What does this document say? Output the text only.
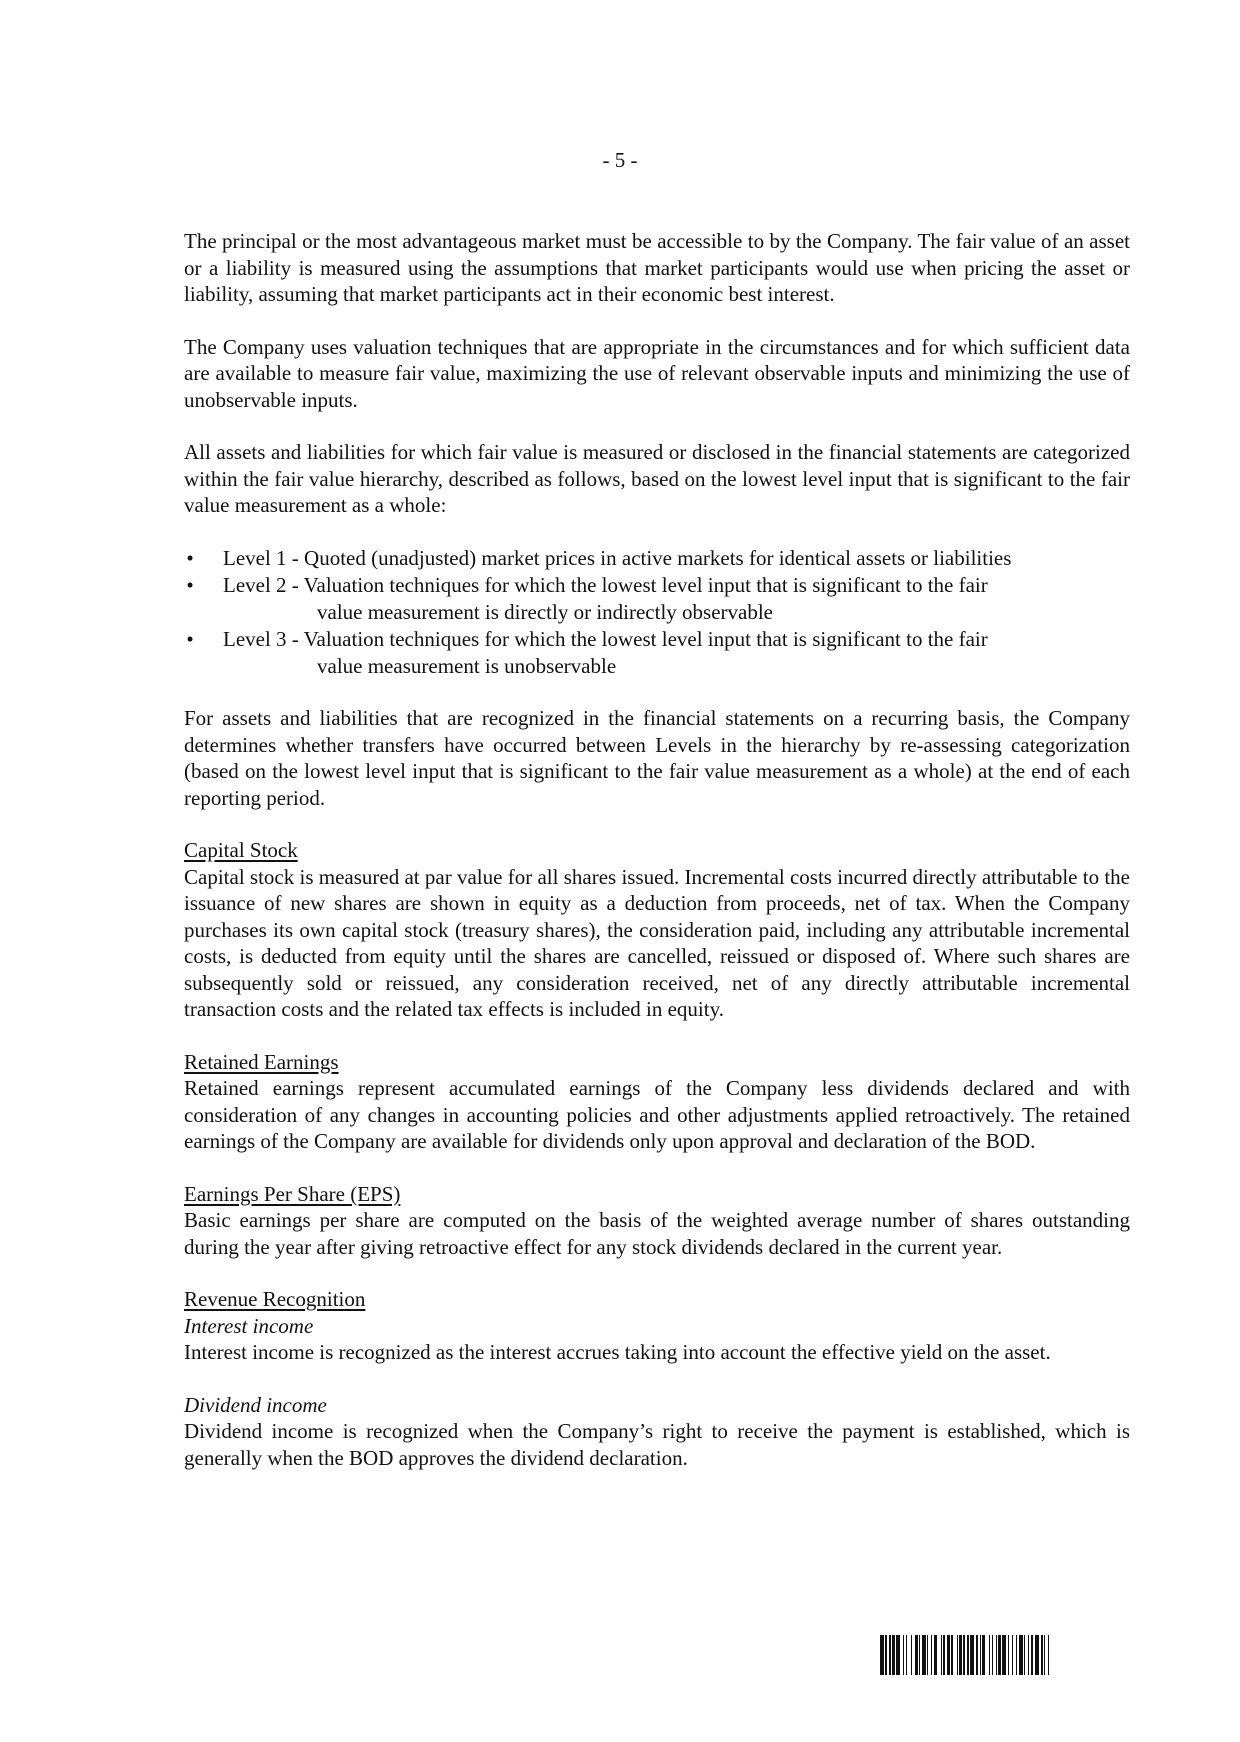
- 5 -

The principal or the most advantageous market must be accessible to by the Company. The fair value of an asset or a liability is measured using the assumptions that market participants would use when pricing the asset or liability, assuming that market participants act in their economic best interest.

The Company uses valuation techniques that are appropriate in the circumstances and for which sufficient data are available to measure fair value, maximizing the use of relevant observable inputs and minimizing the use of unobservable inputs.

All assets and liabilities for which fair value is measured or disclosed in the financial statements are categorized within the fair value hierarchy, described as follows, based on the lowest level input that is significant to the fair value measurement as a whole:

• Level 1 - Quoted (unadjusted) market prices in active markets for identical assets or liabilities
• Level 2 - Valuation techniques for which the lowest level input that is significant to the fair

value measurement is directly or indirectly observable
• Level 3 - Valuation techniques for which the lowest level input that is significant to the fair

value measurement is unobservable

For assets and liabilities that are recognized in the financial statements on a recurring basis, the Company determines whether transfers have occurred between Levels in the hierarchy by re-assessing categorization (based on the lowest level input that is significant to the fair value measurement as a whole) at the end of each reporting period.

Capital Stock

Capital stock is measured at par value for all shares issued. Incremental costs incurred directly attributable to the issuance of new shares are shown in equity as a deduction from proceeds, net of tax. When the Company purchases its own capital stock (treasury shares), the consideration paid, including any attributable incremental costs, is deducted from equity until the shares are cancelled, reissued or disposed of. Where such shares are subsequently sold or reissued, any consideration received, net of any directly attributable incremental transaction costs and the related tax effects is included in equity.

Retained Earnings

Retained earnings represent accumulated earnings of the Company less dividends declared and with consideration of any changes in accounting policies and other adjustments applied retroactively. The retained earnings of the Company are available for dividends only upon approval and declaration of the BOD.

Earnings Per Share (EPS)

Basic earnings per share are computed on the basis of the weighted average number of shares outstanding during the year after giving retroactive effect for any stock dividends declared in the current year.

Revenue Recognition
Interest income

Interest income is recognized as the interest accrues taking into account the effective yield on the asset.

Dividend income

Dividend income is recognized when the Company’s right to receive the payment is established, which is generally when the BOD approves the dividend declaration.
